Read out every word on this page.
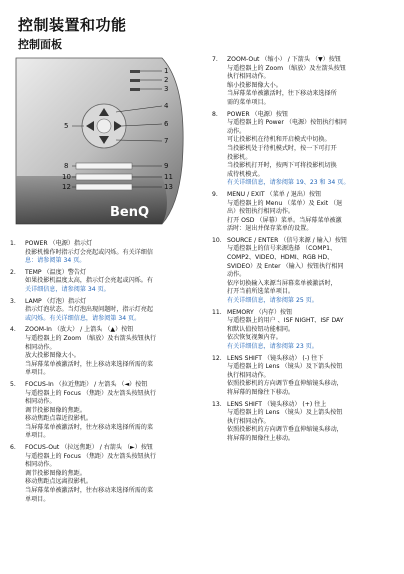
控制装置和功能
控制面板
1
2
3
4
5	6
7
8	9
10	11
12	13
BenQ
1. POWER （电源）指示灯
投影机操作时指示灯会亮起或闪烁。有关详细信
息：请参阅第 34 页。
2. TEMP （温度）警告灯
如果投影机温度太高，指示灯会亮起或闪烁。有
关详细信息，请参阅第 34 页。
3. LAMP （灯泡）指示灯
指示灯泡状态。当灯泡出现问题时，指示灯亮起
或闪烁。有关详细信息，请参阅第 34 页。
4. ZOOM-In （放大） / 上箭头 （▲）按钮
与遥控器上的 Zoom （缩放）及右箭头按钮执行
相同动作。
放大投影图像大小。
当屏幕菜单被激活时，往上移动来选择所需的菜
单项目。
5. FOCUS-In （拉近焦距） / 左箭头 （◄）按钮
与遥控器上的 Focus （焦距）及左箭头按钮执行
相同动作。
调节投影图像的焦距。
移动焦距点靠近投影机。
当屏幕菜单被激活时，往左移动来选择所需的菜
单项目。
6. FOCUS-Out （拉远焦距） / 右箭头 （►）按钮
与遥控器上的 Focus （焦距）及左箭头按钮执行
相同动作。
调节投影图像的焦距。
移动焦距点远离投影机。
当屏幕菜单被激活时，往右移动来选择所需的菜
单项目。
7. ZOOM-Out （缩小） / 下箭头 （▼）按钮
与遥控器上的 Zoom （缩放）及左箭头按钮
执行相同动作。
缩小投影图像大小。
当屏幕菜单被激活时，往下移动来选择所
需的菜单项目。
8. POWER （电源）按钮
与遥控器上的 Power （电源）按钮执行相同
动作。
可让投影机在待机和开启模式中切换。
当投影机处于待机模式时，按一下可打开
投影机。
当投影机打开时，按两下可将投影机切换
成待机模式。
有关详细信息，请参阅第 19、23 和 34 页。
9. MENU / EXIT （菜单 / 退出）按钮
与遥控器上的 Menu （菜单）及 Exit （退
出）按钮执行相同动作。
打开 OSD （屏幕）菜单。当屏幕菜单被激
活时：退出并保存菜单的设置。
10. SOURCE / ENTER （信号来源 / 输入）按钮
与遥控器上的信号来源选择 （COMP1、
COMP2、VIDEO、HDMI、RGB HD、
SVIDEO）及 Enter （输入）按钮执行相同
动作。
依序切换输入来源当屏幕菜单被激活时，
打开当前所选菜单项目。
有关详细信息，请参阅第 25 页。
11. MEMORY （内存）按钮
与遥控器上的用户 、ISF NIGHT、ISF DAY
和默认值按钮功能相同。
依次恢复视频内存。
有关详细信息，请参阅第 23 页。
12. LENS SHIFT （镜头移动） (-) 往下
与遥控器上的 Lens （镜头）及下箭头按钮
执行相同动作。
依照投影机的方向调节垂直伸缩镜头移动，
将屏幕的图像往下移动。
13. LENS SHIFT （镜头移动） (+) 往上
与遥控器上的 Lens （镜头）及上箭头按钮
执行相同动作。
依照投影机的方向调节垂直伸缩镜头移动，
将屏幕的图像往上移动。
